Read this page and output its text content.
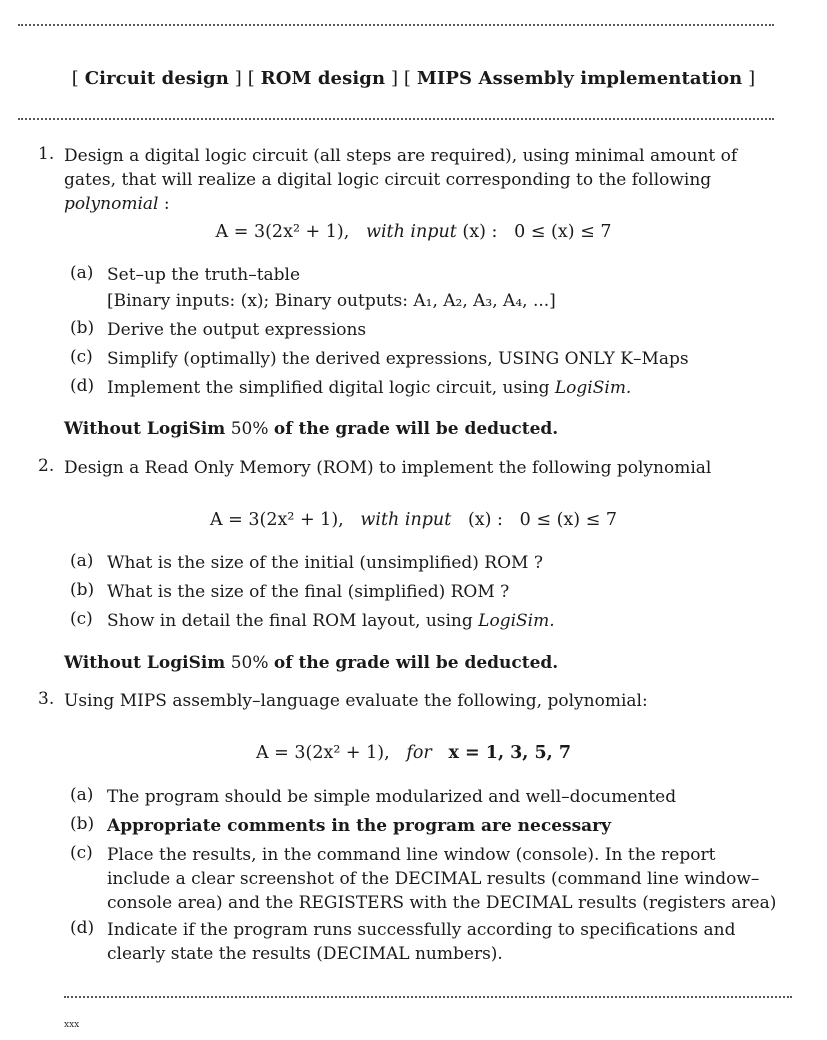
[ Circuit design ] [ ROM design ] [ MIPS Assembly implementation ]
1. Design a digital logic circuit (all steps are required), using minimal amount of gates, that will realize a digital logic circuit corresponding to the following polynomial :
A = 3(2x² + 1), with input (x) : 0 ≤ (x) ≤ 7
(a) Set–up the truth–table
[Binary inputs: (x); Binary outputs: A₁, A₂, A₃, A₄, ...]
(b) Derive the output expressions
(c) Simplify (optimally) the derived expressions, USING ONLY K–Maps
(d) Implement the simplified digital logic circuit, using LogiSim.
Without LogiSim 50% of the grade will be deducted.
2. Design a Read Only Memory (ROM) to implement the following polynomial
A = 3(2x² + 1), with input (x) : 0 ≤ (x) ≤ 7
(a) What is the size of the initial (unsimplified) ROM ?
(b) What is the size of the final (simplified) ROM ?
(c) Show in detail the final ROM layout, using LogiSim.
Without LogiSim 50% of the grade will be deducted.
3. Using MIPS assembly–language evaluate the following, polynomial:
A = 3(2x² + 1), for x = 1, 3, 5, 7
(a) The program should be simple modularized and well–documented
(b) Appropriate comments in the program are necessary
(c) Place the results, in the command line window (console). In the report include a clear screenshot of the DECIMAL results (command line window–console area) and the REGISTERS with the DECIMAL results (registers area)
(d) Indicate if the program runs successfully according to specifications and clearly state the results (DECIMAL numbers).
xxx
